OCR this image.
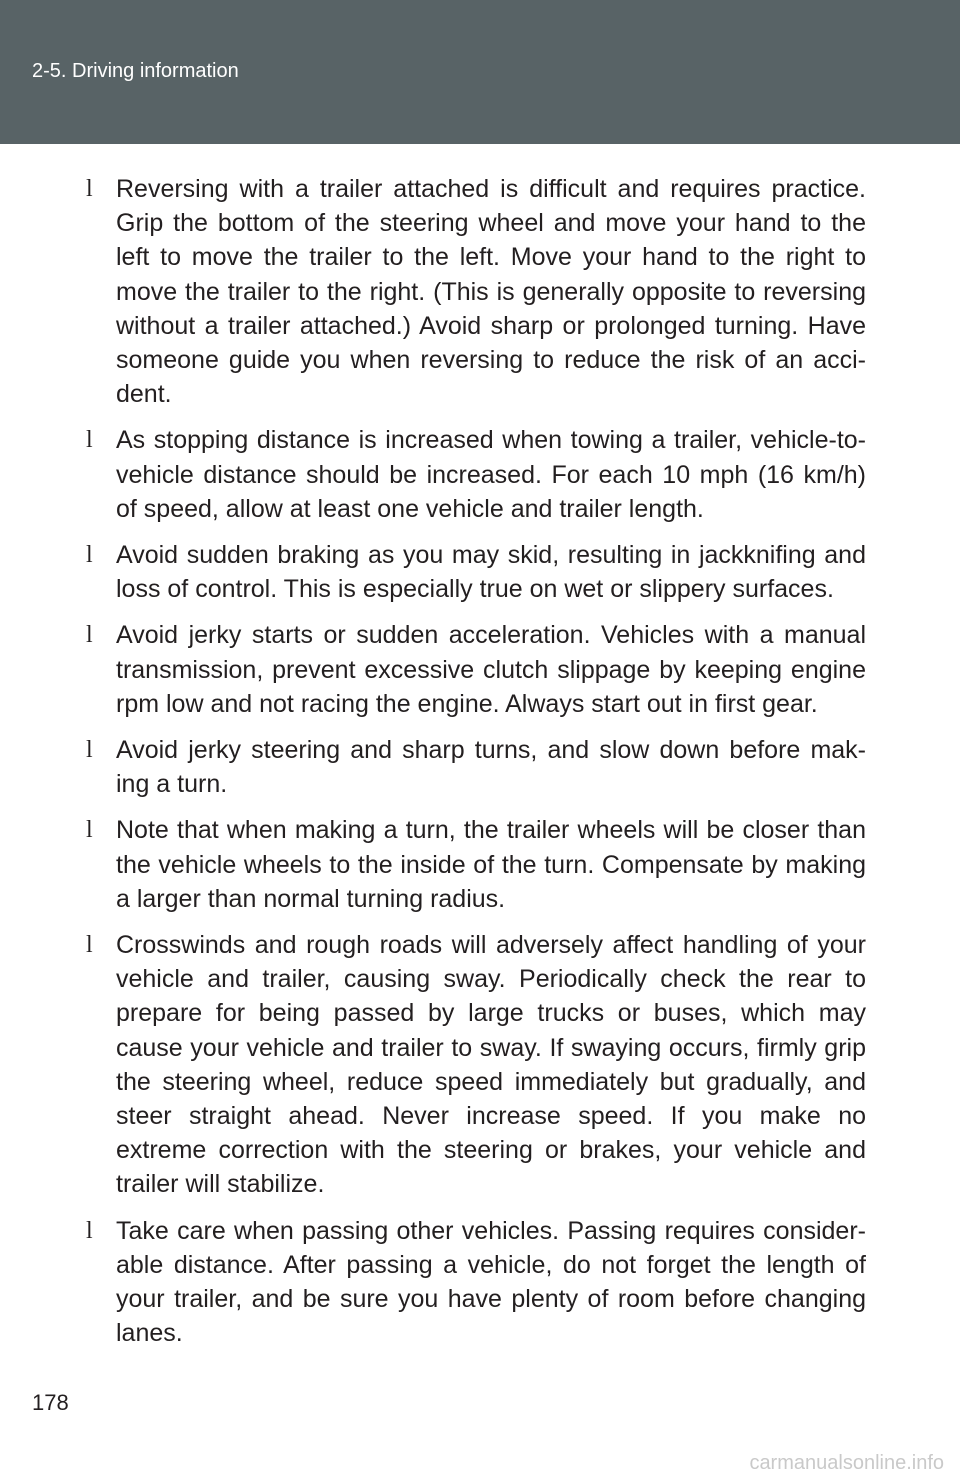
2-5. Driving information
l Reversing with a trailer attached is difficult and requires practice. Grip the bottom of the steering wheel and move your hand to the left to move the trailer to the left. Move your hand to the right to move the trailer to the right. (This is generally opposite to reversing without a trailer attached.) Avoid sharp or prolonged turning. Have someone guide you when reversing to reduce the risk of an acci-dent.
l As stopping distance is increased when towing a trailer, vehicle-to-vehicle distance should be increased. For each 10 mph (16 km/h) of speed, allow at least one vehicle and trailer length.
l Avoid sudden braking as you may skid, resulting in jackknifing and loss of control. This is especially true on wet or slippery surfaces.
l Avoid jerky starts or sudden acceleration. Vehicles with a manual transmission, prevent excessive clutch slippage by keeping engine rpm low and not racing the engine. Always start out in first gear.
l Avoid jerky steering and sharp turns, and slow down before mak-ing a turn.
l Note that when making a turn, the trailer wheels will be closer than the vehicle wheels to the inside of the turn. Compensate by making a larger than normal turning radius.
l Crosswinds and rough roads will adversely affect handling of your vehicle and trailer, causing sway. Periodically check the rear to prepare for being passed by large trucks or buses, which may cause your vehicle and trailer to sway. If swaying occurs, firmly grip the steering wheel, reduce speed immediately but gradually, and steer straight ahead. Never increase speed. If you make no extreme correction with the steering or brakes, your vehicle and trailer will stabilize.
l Take care when passing other vehicles. Passing requires consider-able distance. After passing a vehicle, do not forget the length of your trailer, and be sure you have plenty of room before changing lanes.
178
carmanualsonline.info
